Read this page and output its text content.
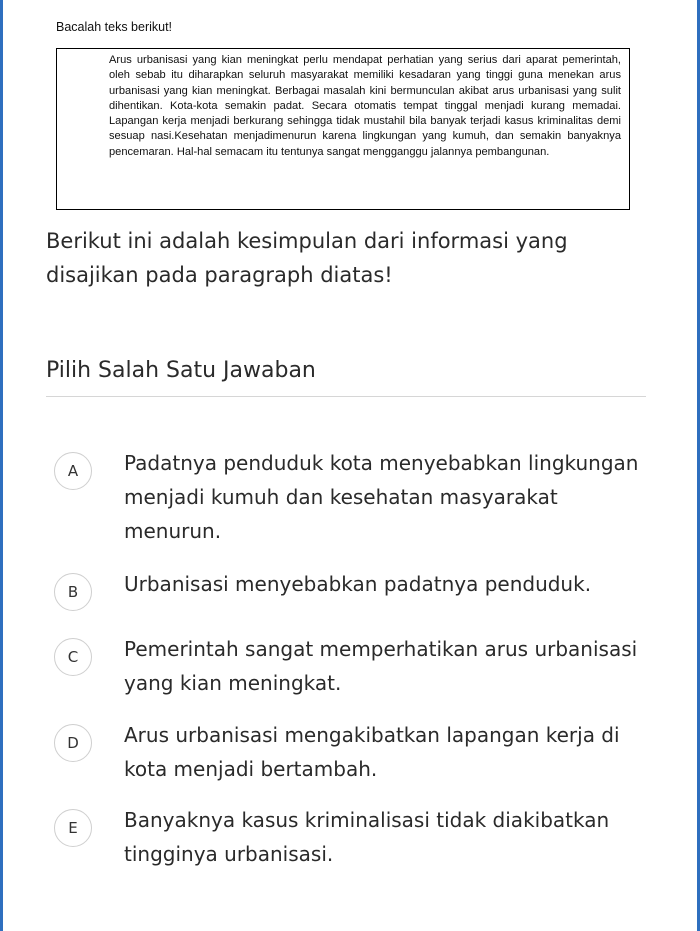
Bacalah teks berikut!
Arus urbanisasi yang kian meningkat perlu mendapat perhatian yang serius dari aparat pemerintah, oleh sebab itu diharapkan seluruh masyarakat memiliki kesadaran yang tinggi guna menekan arus urbanisasi yang kian meningkat. Berbagai masalah kini bermunculan akibat arus urbanisasi yang sulit dihentikan. Kota-kota semakin padat. Secara otomatis tempat tinggal menjadi kurang memadai. Lapangan kerja menjadi berkurang sehingga tidak mustahil bila banyak terjadi kasus kriminalitas demi sesuap nasi.Kesehatan menjadimenurun karena lingkungan yang kumuh, dan semakin banyaknya pencemaran. Hal-hal semacam itu tentunya sangat mengganggu jalannya pembangunan.
Berikut ini adalah kesimpulan dari informasi yang disajikan pada paragraph diatas!
Pilih Salah Satu Jawaban
A	Padatnya penduduk kota menyebabkan lingkungan menjadi kumuh dan kesehatan masyarakat menurun.
B	Urbanisasi menyebabkan padatnya penduduk.
C	Pemerintah sangat memperhatikan arus urbanisasi yang kian meningkat.
D	Arus urbanisasi mengakibatkan lapangan kerja di kota menjadi bertambah.
E	Banyaknya kasus kriminalisasi tidak diakibatkan tingginya urbanisasi.
